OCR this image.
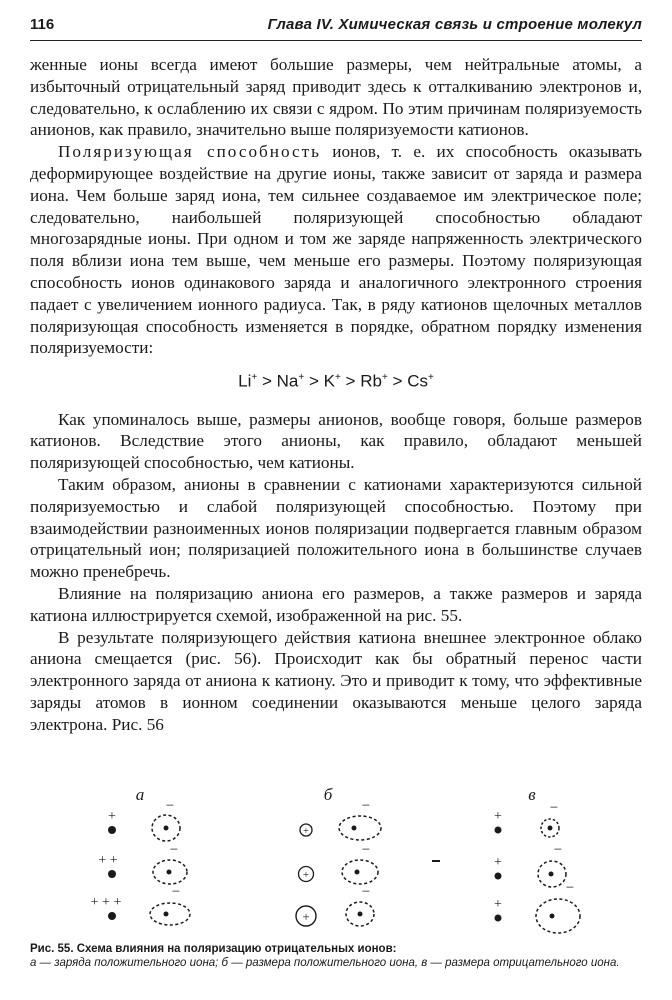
116	Глава IV. Химическая связь и строение молекул

женные ионы всегда имеют большие размеры, чем нейтральные атомы, а избыточный отрицательный заряд приводит здесь к отталкиванию электронов и, следовательно, к ослаблению их связи с ядром. По этим причинам поляризуемость анионов, как правило, значительно выше поляризуемости катионов.

Поляризующая способность ионов, т. е. их способность оказывать деформирующее воздействие на другие ионы, также зависит от заряда и размера иона. Чем больше заряд иона, тем сильнее создаваемое им электрическое поле; следовательно, наибольшей поляризующей способностью обладают многозарядные ионы. При одном и том же заряде напряженность электрического поля вблизи иона тем выше, чем меньше его размеры. Поэтому поляризующая способность ионов одинакового заряда и аналогичного электронного строения падает с увеличением ионного радиуса. Так, в ряду катионов щелочных металлов поляризующая способность изменяется в порядке, обратном порядку изменения поляризуемости:

Li+ > Na+ > K+ > Rb+ > Cs+

Как упоминалось выше, размеры анионов, вообще говоря, больше размеров катионов. Вследствие этого анионы, как правило, обладают меньшей поляризующей способностью, чем катионы.

Таким образом, анионы в сравнении с катионами характеризуются сильной поляризуемостью и слабой поляризующей способностью. Поэтому при взаимодействии разноименных ионов поляризации подвергается главным образом отрицательный ион; поляризацией положительного иона в большинстве случаев можно пренебречь.

Влияние на поляризацию аниона его размеров, а также размеров и заряда катиона иллюстрируется схемой, изображенной на рис. 55.

В результате поляризующего действия катиона внешнее электронное облако аниона смещается (рис. 56). Происходит как бы обратный перенос части электронного заряда от аниона к катиону. Это и приводит к тому, что эффективные заряды атомов в ионном соединении оказываются меньше целого заряда электрона. Рис. 56

а	б	в
+
−
+ +
−
+ + +
−
+
−
+
−
+
−
+
−
+
−
+
−
Рис. 55. Схема влияния на поляризацию отрицательных ионов:
а — заряда положительного иона; б — размера положительного иона, в — размера отрицательного иона.
